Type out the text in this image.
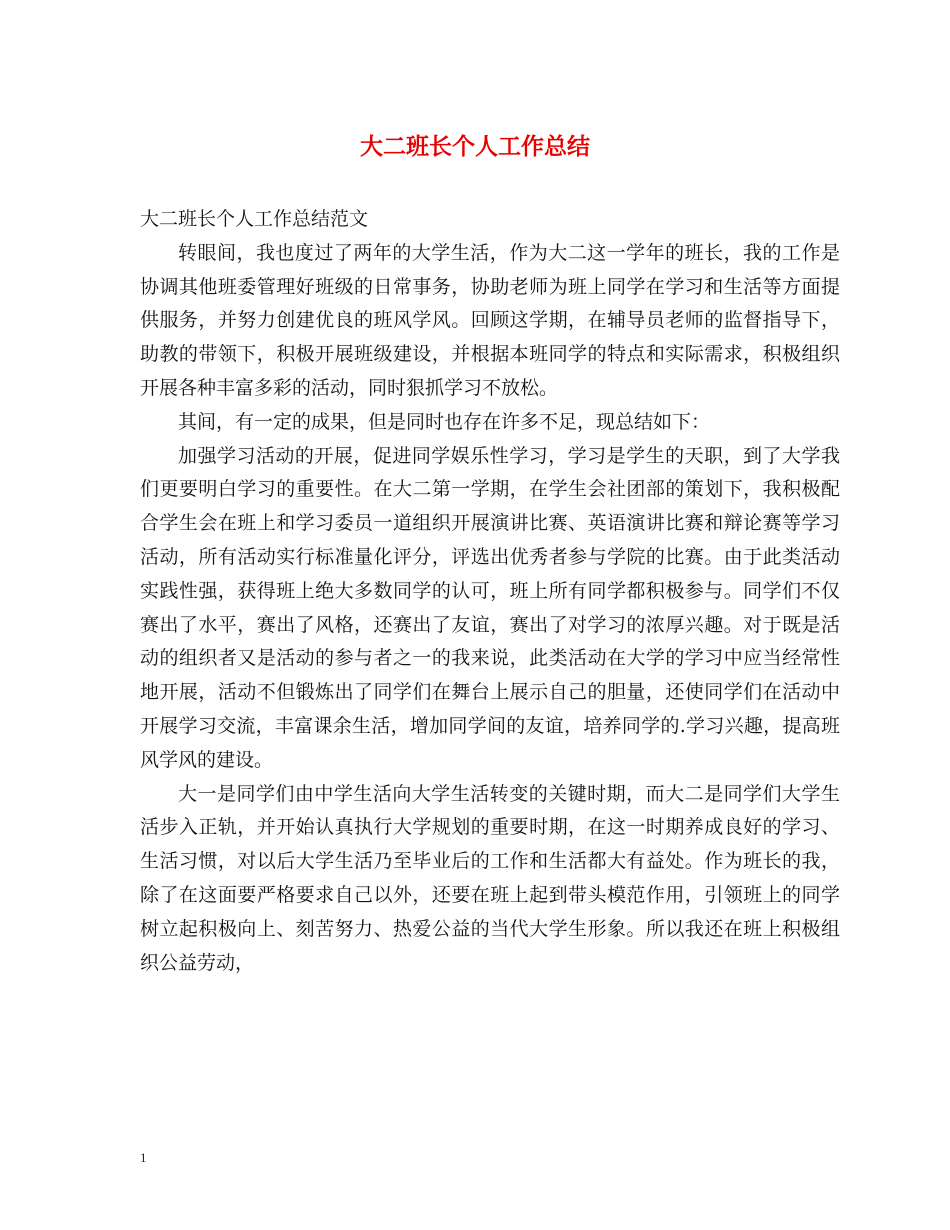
大二班长个人工作总结

大二班长个人工作总结范文

转眼间，我也度过了两年的大学生活，作为大二这一学年的班长，我的工作是协调其他班委管理好班级的日常事务，协助老师为班上同学在学习和生活等方面提供服务，并努力创建优良的班风学风。回顾这学期，在辅导员老师的监督指导下，助教的带领下，积极开展班级建设，并根据本班同学的特点和实际需求，积极组织开展各种丰富多彩的活动，同时狠抓学习不放松。

其间，有一定的成果，但是同时也存在许多不足，现总结如下：

加强学习活动的开展，促进同学娱乐性学习，学习是学生的天职，到了大学我们更要明白学习的重要性。在大二第一学期，在学生会社团部的策划下，我积极配合学生会在班上和学习委员一道组织开展演讲比赛、英语演讲比赛和辩论赛等学习活动，所有活动实行标准量化评分，评选出优秀者参与学院的比赛。由于此类活动实践性强，获得班上绝大多数同学的认可，班上所有同学都积极参与。同学们不仅赛出了水平，赛出了风格，还赛出了友谊，赛出了对学习的浓厚兴趣。对于既是活动的组织者又是活动的参与者之一的我来说，此类活动在大学的学习中应当经常性地开展，活动不但锻炼出了同学们在舞台上展示自己的胆量，还使同学们在活动中开展学习交流，丰富课余生活，增加同学间的友谊，培养同学的.学习兴趣，提高班风学风的建设。

大一是同学们由中学生活向大学生活转变的关键时期，而大二是同学们大学生活步入正轨，并开始认真执行大学规划的重要时期，在这一时期养成良好的学习、生活习惯，对以后大学生活乃至毕业后的工作和生活都大有益处。作为班长的我，除了在这面要严格要求自己以外，还要在班上起到带头模范作用，引领班上的同学树立起积极向上、刻苦努力、热爱公益的当代大学生形象。所以我还在班上积极组织公益劳动，

1
